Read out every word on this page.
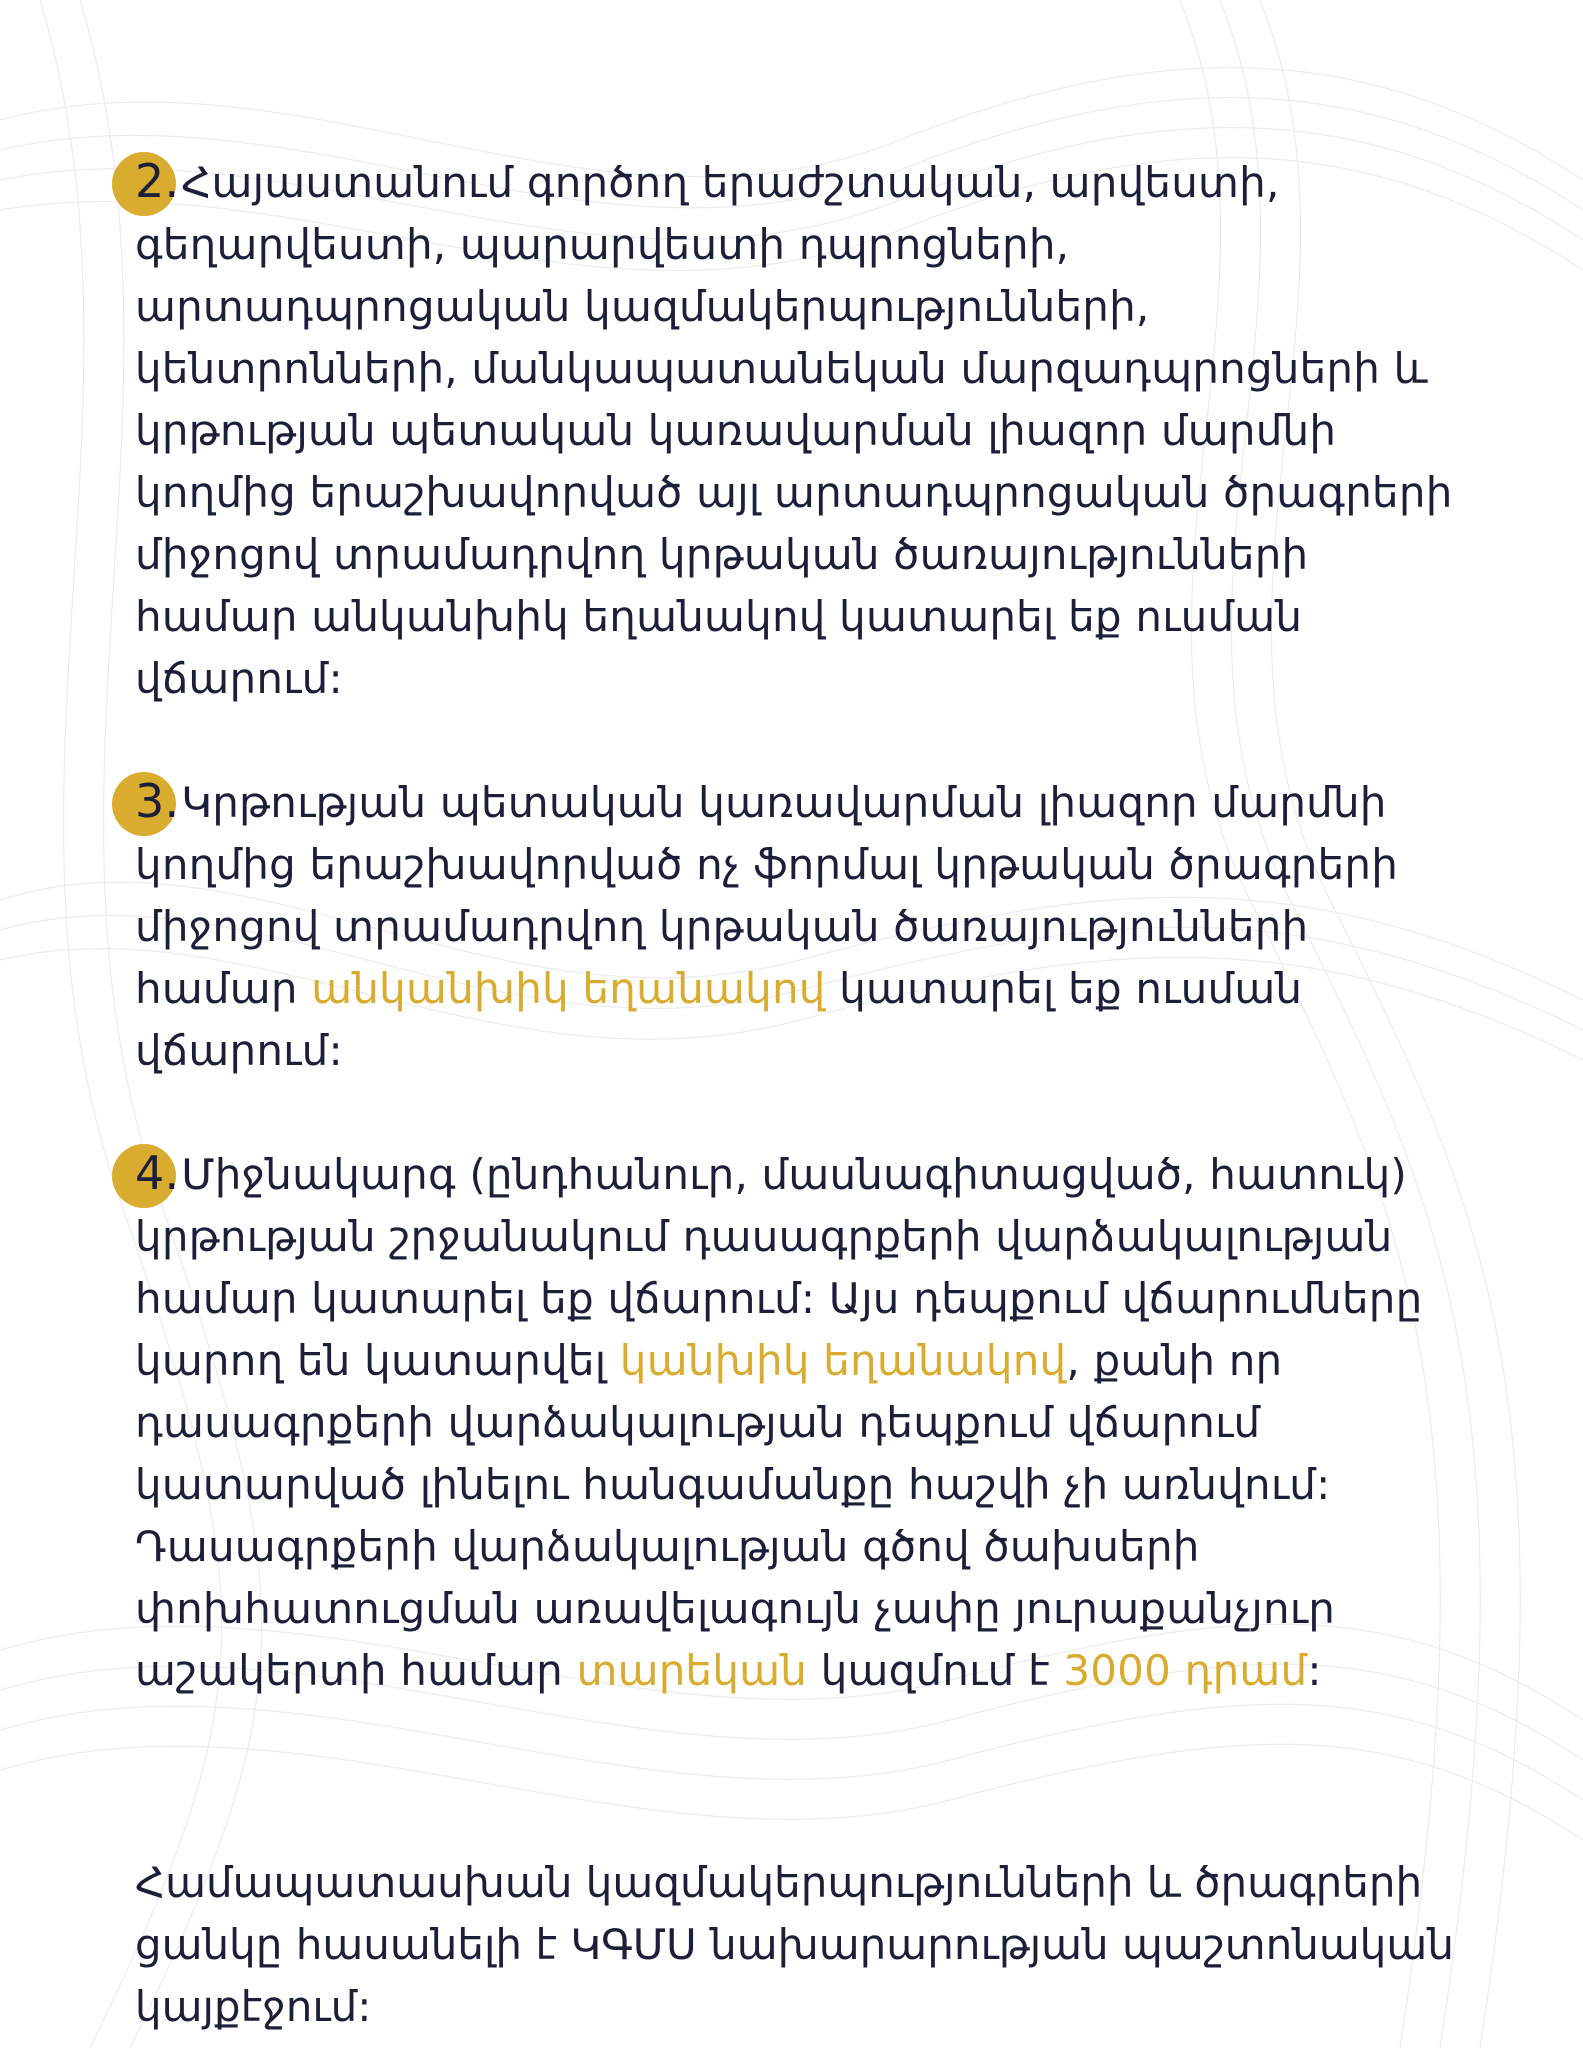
2.Հայաստանում գործող երաժշտական, արվեստի, գեղարվեստի, պարարվեստի դպրոցների, արտադպրոցական կազմակերպությունների, կենտրոնների, մանկապատանեկան մարզադպրոցների և կրթության պետական կառավարման լիազոր մարմնի կողմից երաշխավորված այլ արտադպրոցական ծրագրերի միջոցով տրամադրվող կրթական ծառայությունների համար անկանխիկ եղանակով կատարել եք ուսման վճարում:
3.Կրթության պետական կառավարման լիազոր մարմնի կողմից երաշխավորված ոչ ֆորմալ կրթական ծրագրերի միջոցով տրամադրվող կրթական ծառայությունների համար անկանխիկ եղանակով կատարել եք ուսման վճարում:
4.Միջնակարգ (ընդհանուր, մասնագիտացված, հատուկ) կրթության շրջանակում դասագրքերի վարձակալության համար կատարել եք վճարում: Այս դեպքում վճարումները կարող են կատարվել կանխիկ եղանակով, քանի որ դասագրքերի վարձակալության դեպքում վճարում կատարված լինելու հանգամանքը հաշվի չի առնվում: Դասագրքերի վարձակալության գծով ծախսերի փոխհատուցման առավելագույն չափը յուրաքանչյուր աշակերտի համար տարեկան կազմում է 3000 դրամ:
Համապատասխան կազմակերպությունների և ծրագրերի ցանկը հասանելի է ԿԳՄՍ նախարարության պաշտոնական կայքէջում:
